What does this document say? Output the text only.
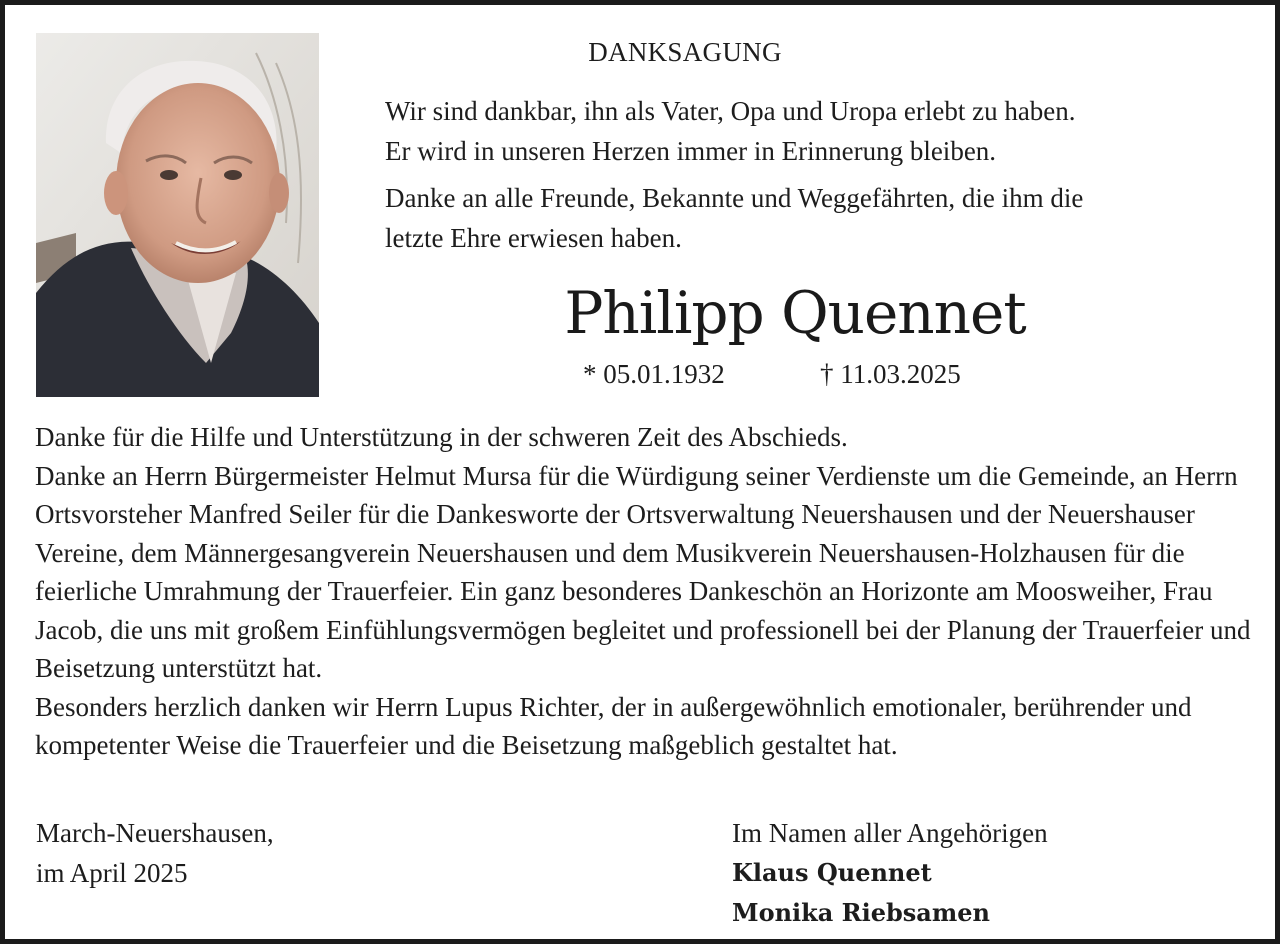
DANKSAGUNG

Wir sind dankbar, ihn als Vater, Opa und Uropa erlebt zu haben.

Er wird in unseren Herzen immer in Erinnerung bleiben.

Danke an alle Freunde, Bekannte und Weggefährten, die ihm die

letzte Ehre erwiesen haben.

Philipp Quennet
* 05.01.1932	† 11.03.2025

Danke für die Hilfe und Unterstützung in der schweren Zeit des Abschieds.

Danke an Herrn Bürgermeister Helmut Mursa für die Würdigung seiner Verdienste um die Gemeinde, an Herrn Ortsvorsteher Manfred Seiler für die Dankesworte der Ortsverwaltung Neuershausen und der Neuershauser Vereine, dem Männergesangverein Neuershausen und dem Musikverein Neuershausen-Holzhausen für die feierliche Umrahmung der Trauerfeier. Ein ganz besonderes Dankeschön an Horizonte am Moosweiher, Frau Jacob, die uns mit großem Einfühlungsvermögen begleitet und professionell bei der Planung der Trauerfeier und Beisetzung unterstützt hat.

Besonders herzlich danken wir Herrn Lupus Richter, der in außergewöhnlich emotionaler, berührender und kompetenter Weise die Trauerfeier und die Beisetzung maßgeblich gestaltet hat.

March-Neuershausen,
im April 2025
Im Namen aller Angehörigen
Klaus Quennet
Monika Riebsamen
